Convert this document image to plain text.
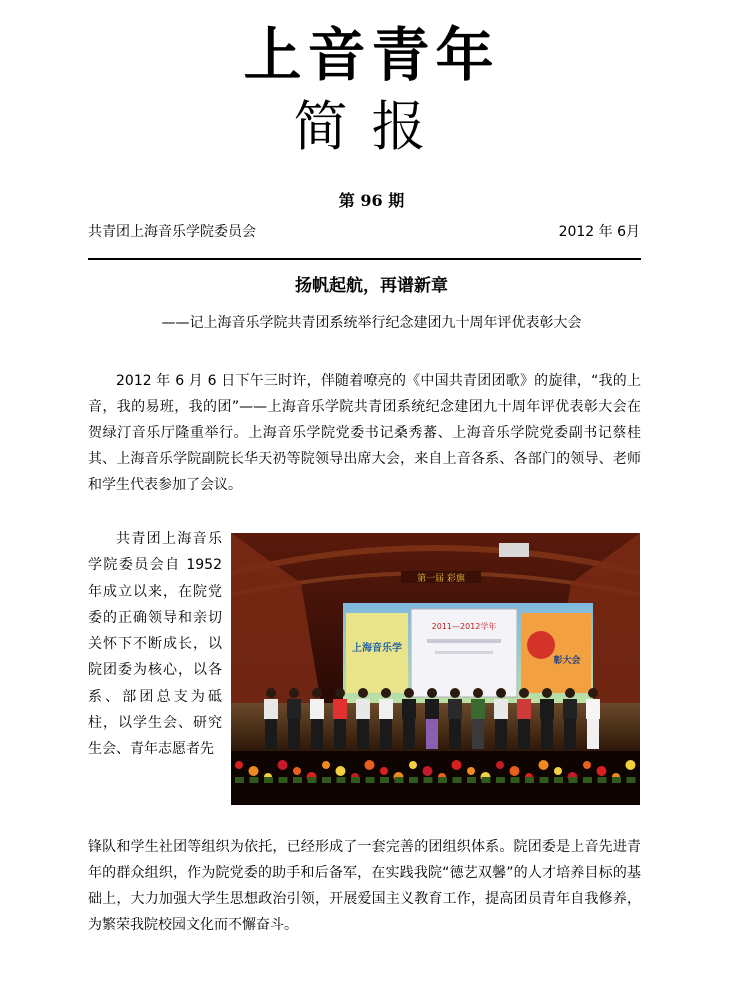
上音青年
简报
第 96 期
共青团上海音乐学院委员会	2012 年 6月
扬帆起航，再谱新章
——记上海音乐学院共青团系统举行纪念建团九十周年评优表彰大会
2012 年 6 月 6 日下午三时许，伴随着嘹亮的《中国共青团团歌》的旋律，“我的上音，我的易班，我的团”——上海音乐学院共青团系统纪念建团九十周年评优表彰大会在贺绿汀音乐厅隆重举行。上海音乐学院党委书记桑秀蕃、上海音乐学院党委副书记蔡桂其、上海音乐学院副院长华天礽等院领导出席大会，来自上音各系、各部门的领导、老师和学生代表参加了会议。
共青团上海音乐学院委员会自 1952 年成立以来，在院党委的正确领导和亲切关怀下不断成长，以院团委为核心，以各系、部团总支为砥柱，以学生会、研究生会、青年志愿者先
锋队和学生社团等组织为依托，已经形成了一套完善的团组织体系。院团委是上音先进青年的群众组织，作为院党委的助手和后备军，在实践我院“德艺双馨”的人才培养目标的基础上，大力加强大学生思想政治引领，开展爱国主义教育工作，提高团员青年自我修养，为繁荣我院校园文化而不懈奋斗。
第一届 彩旗
上海音乐学
彰大会
2011—2012学年
